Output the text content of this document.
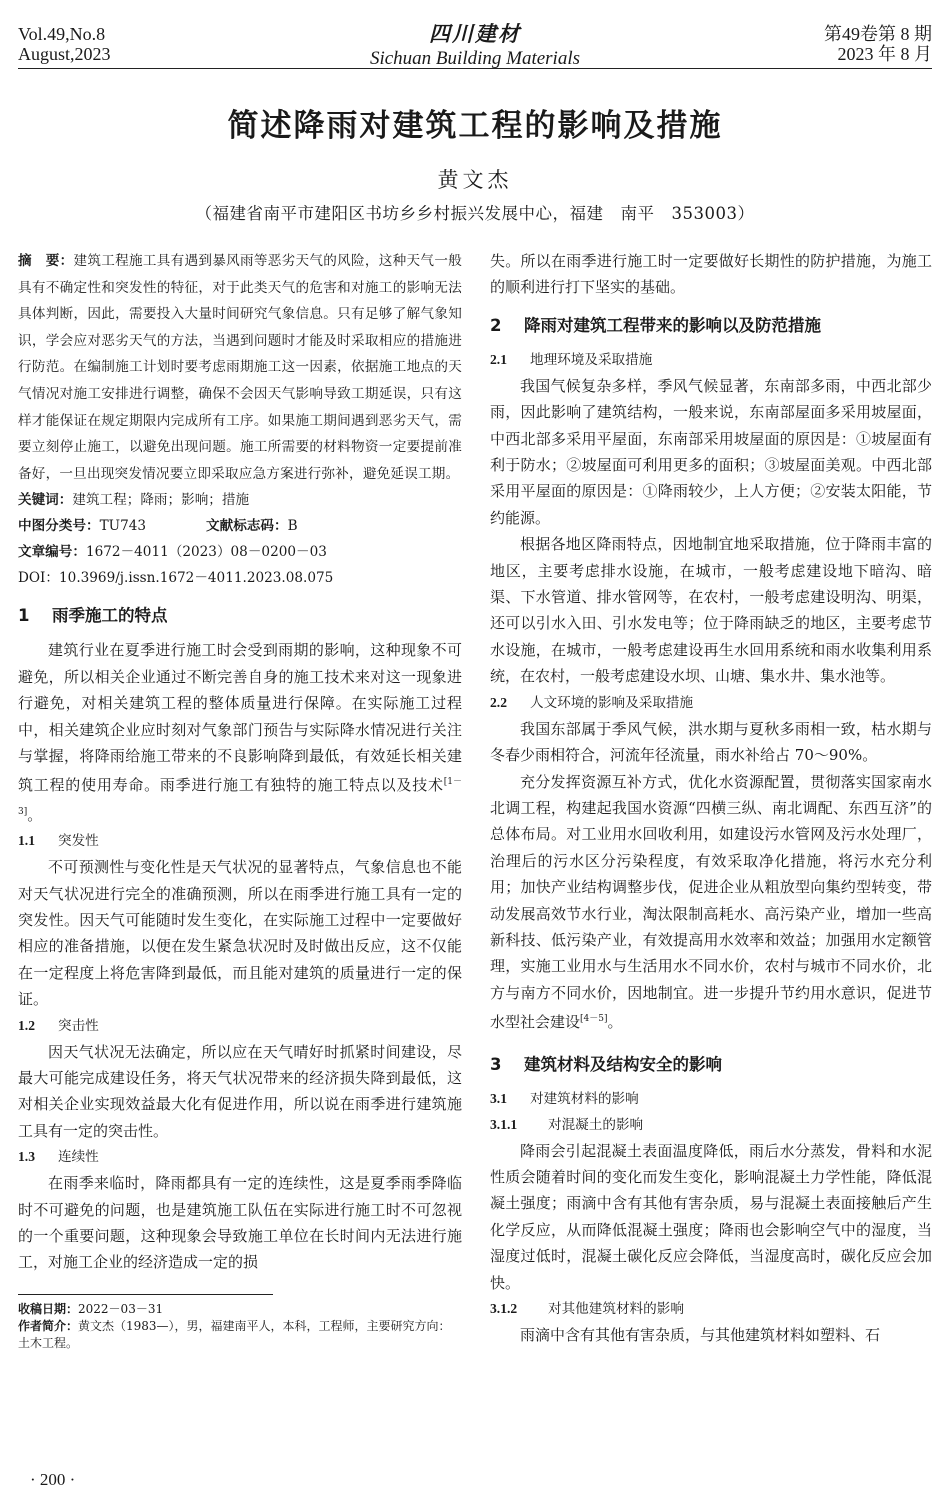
Vol.49,No.8
August,2023
四川建材
Sichuan Building Materials
第49卷第 8 期
2023 年 8 月
简述降雨对建筑工程的影响及措施
黄文杰
（福建省南平市建阳区书坊乡乡村振兴发展中心，福建　南平　353003）

摘　要：建筑工程施工具有遇到暴风雨等恶劣天气的风险，这种天气一般具有不确定性和突发性的特征，对于此类天气的危害和对施工的影响无法具体判断，因此，需要投入大量时间研究气象信息。只有足够了解气象知识，学会应对恶劣天气的方法，当遇到问题时才能及时采取相应的措施进行防范。在编制施工计划时要考虑雨期施工这一因素，依据施工地点的天气情况对施工安排进行调整，确保不会因天气影响导致工期延误，只有这样才能保证在规定期限内完成所有工序。如果施工期间遇到恶劣天气，需要立刻停止施工，以避免出现问题。施工所需要的材料物资一定要提前准备好，一旦出现突发情况要立即采取应急方案进行弥补，避免延误工期。

关键词：建筑工程；降雨；影响；措施
中图分类号：TU743	文献标志码：B
文章编号：1672－4011（2023）08－0200－03
DOI：10.3969/j.issn.1672－4011.2023.08.075
1 雨季施工的特点

建筑行业在夏季进行施工时会受到雨期的影响，这种现象不可避免，所以相关企业通过不断完善自身的施工技术来对这一现象进行避免，对相关建筑工程的整体质量进行保障。在实际施工过程中，相关建筑企业应时刻对气象部门预告与实际降水情况进行关注与掌握，将降雨给施工带来的不良影响降到最低，有效延长相关建筑工程的使用寿命。雨季进行施工有独特的施工特点以及技术[1－3]。

1.1 突发性

不可预测性与变化性是天气状况的显著特点，气象信息也不能对天气状况进行完全的准确预测，所以在雨季进行施工具有一定的突发性。因天气可能随时发生变化，在实际施工过程中一定要做好相应的准备措施，以便在发生紧急状况时及时做出反应，这不仅能在一定程度上将危害降到最低，而且能对建筑的质量进行一定的保证。

1.2 突击性

因天气状况无法确定，所以应在天气晴好时抓紧时间建设，尽最大可能完成建设任务，将天气状况带来的经济损失降到最低，这对相关企业实现效益最大化有促进作用，所以说在雨季进行建筑施工具有一定的突击性。

1.3 连续性

在雨季来临时，降雨都具有一定的连续性，这是夏季雨季降临时不可避免的问题，也是建筑施工队伍在实际进行施工时不可忽视的一个重要问题，这种现象会导致施工单位在长时间内无法进行施工，对施工企业的经济造成一定的损

收稿日期：2022－03－31
作者简介：黄文杰（1983—），男，福建南平人，本科，工程师，主要研究方向：土木工程。

失。所以在雨季进行施工时一定要做好长期性的防护措施，为施工的顺利进行打下坚实的基础。

2 降雨对建筑工程带来的影响以及防范措施
2.1 地理环境及采取措施

我国气候复杂多样，季风气候显著，东南部多雨，中西北部少雨，因此影响了建筑结构，一般来说，东南部屋面多采用坡屋面，中西北部多采用平屋面，东南部采用坡屋面的原因是：①坡屋面有利于防水；②坡屋面可利用更多的面积；③坡屋面美观。中西北部采用平屋面的原因是：①降雨较少，上人方便；②安装太阳能，节约能源。

根据各地区降雨特点，因地制宜地采取措施，位于降雨丰富的地区，主要考虑排水设施，在城市，一般考虑建设地下暗沟、暗渠、下水管道、排水管网等，在农村，一般考虑建设明沟、明渠，还可以引水入田、引水发电等；位于降雨缺乏的地区，主要考虑节水设施，在城市，一般考虑建设再生水回用系统和雨水收集利用系统，在农村，一般考虑建设水坝、山塘、集水井、集水池等。

2.2 人文环境的影响及采取措施

我国东部属于季风气候，洪水期与夏秋多雨相一致，枯水期与冬春少雨相符合，河流年径流量，雨水补给占 70～90%。

充分发挥资源互补方式，优化水资源配置，贯彻落实国家南水北调工程，构建起我国水资源“四横三纵、南北调配、东西互济”的总体布局。对工业用水回收利用，如建设污水管网及污水处理厂，治理后的污水区分污染程度，有效采取净化措施，将污水充分利用；加快产业结构调整步伐，促进企业从粗放型向集约型转变，带动发展高效节水行业，淘汰限制高耗水、高污染产业，增加一些高新科技、低污染产业，有效提高用水效率和效益；加强用水定额管理，实施工业用水与生活用水不同水价，农村与城市不同水价，北方与南方不同水价，因地制宜。进一步提升节约用水意识，促进节水型社会建设[4－5]。

3 建筑材料及结构安全的影响
3.1 对建筑材料的影响
3.1.1 对混凝土的影响

降雨会引起混凝土表面温度降低，雨后水分蒸发，骨料和水泥性质会随着时间的变化而发生变化，影响混凝土力学性能，降低混凝土强度；雨滴中含有其他有害杂质，易与混凝土表面接触后产生化学反应，从而降低混凝土强度；降雨也会影响空气中的湿度，当湿度过低时，混凝土碳化反应会降低，当湿度高时，碳化反应会加快。

3.1.2 对其他建筑材料的影响

雨滴中含有其他有害杂质，与其他建筑材料如塑料、石

· 200 ·
